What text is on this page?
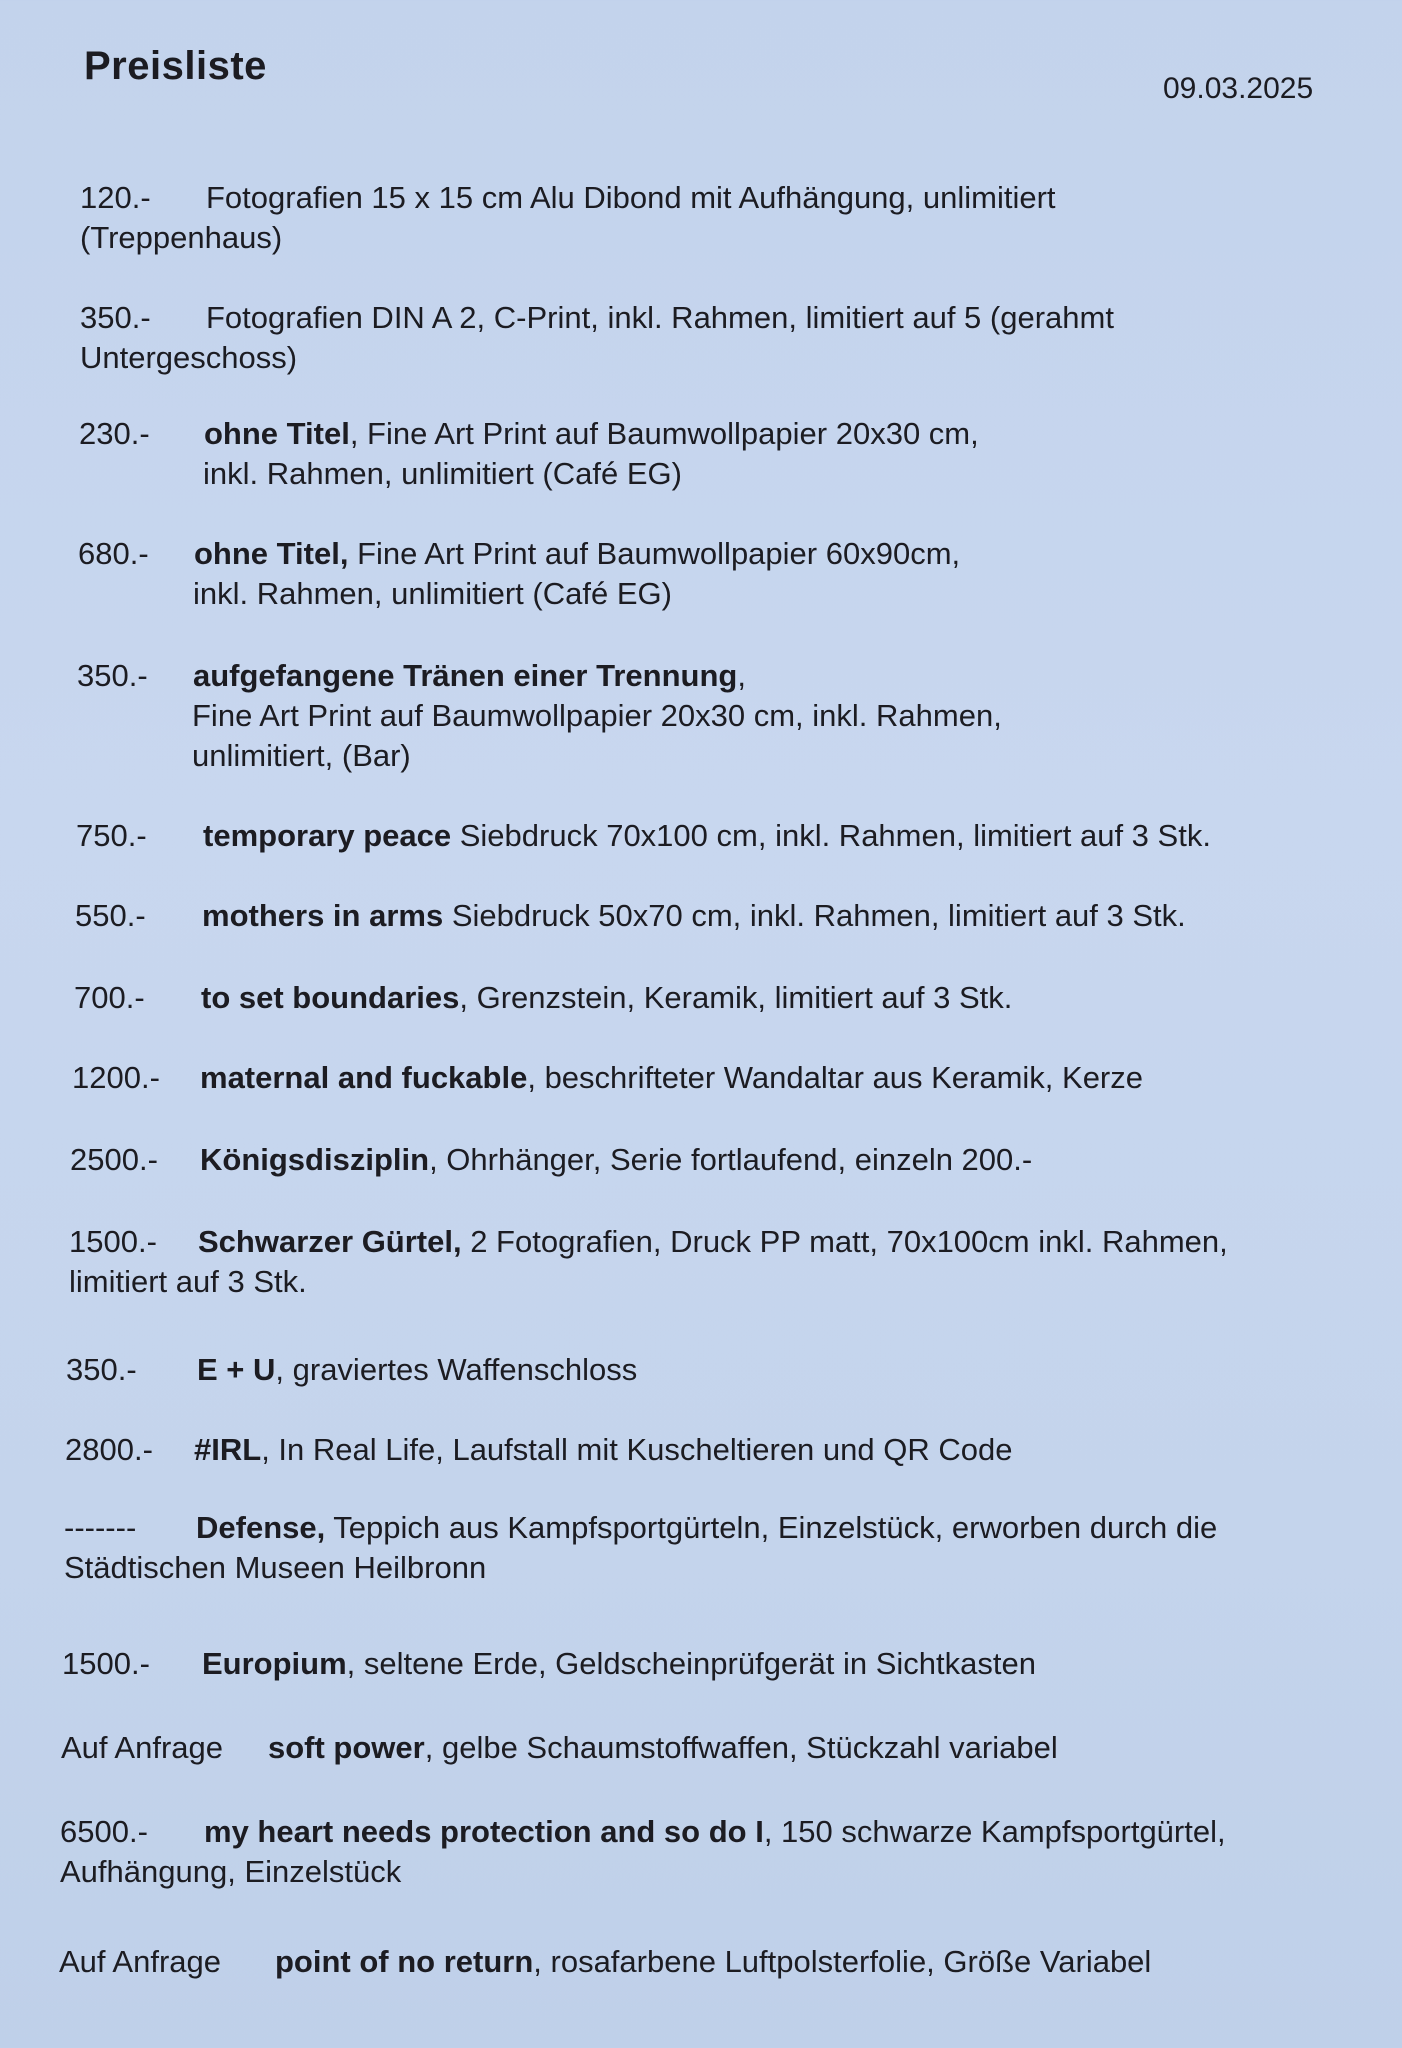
Preisliste
09.03.2025

120.- Fotografien 15 x 15 cm Alu Dibond mit Aufhängung, unlimitiert

(Treppenhaus)

350.- Fotografien DIN A 2, C-Print, inkl. Rahmen, limitiert auf 5 (gerahmt

Untergeschoss)

230.- ohne Titel, Fine Art Print auf Baumwollpapier 20x30 cm,

inkl. Rahmen, unlimitiert (Café EG)

680.- ohne Titel, Fine Art Print auf Baumwollpapier 60x90cm,

inkl. Rahmen, unlimitiert (Café EG)

350.- aufgefangene Tränen einer Trennung,

Fine Art Print auf Baumwollpapier 20x30 cm, inkl. Rahmen,

unlimitiert, (Bar)

750.- temporary peace Siebdruck 70x100 cm, inkl. Rahmen, limitiert auf 3 Stk.

550.- mothers in arms Siebdruck 50x70 cm, inkl. Rahmen, limitiert auf 3 Stk.

700.- to set boundaries, Grenzstein, Keramik, limitiert auf 3 Stk.

1200.- maternal and fuckable, beschrifteter Wandaltar aus Keramik, Kerze

2500.- Königsdisziplin, Ohrhänger, Serie fortlaufend, einzeln 200.-

1500.- Schwarzer Gürtel, 2 Fotografien, Druck PP matt, 70x100cm inkl. Rahmen,

limitiert auf 3 Stk.

350.- E + U, graviertes Waffenschloss

2800.- #IRL, In Real Life, Laufstall mit Kuscheltieren und QR Code

------- Defense, Teppich aus Kampfsportgürteln, Einzelstück, erworben durch die

Städtischen Museen Heilbronn

1500.- Europium, seltene Erde, Geldscheinprüfgerät in Sichtkasten

Auf Anfrage soft power, gelbe Schaumstoffwaffen, Stückzahl variabel

6500.- my heart needs protection and so do I, 150 schwarze Kampfsportgürtel,

Aufhängung, Einzelstück

Auf Anfrage point of no return, rosafarbene Luftpolsterfolie, Größe Variabel
